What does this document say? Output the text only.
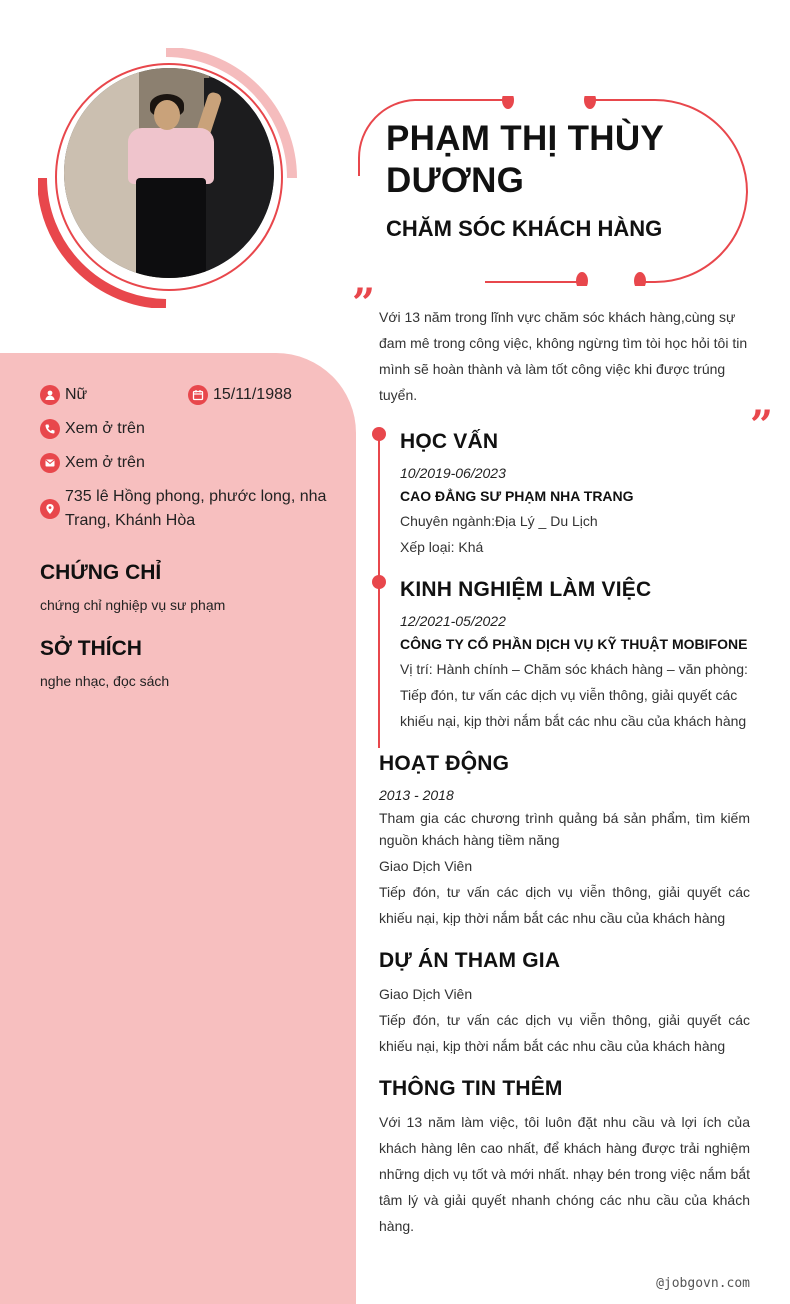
PHẠM THỊ THÙY DƯƠNG
CHĂM SÓC KHÁCH HÀNG
”
”
Với 13 năm trong lĩnh vực chăm sóc khách hàng,cùng sự đam mê trong công việc, không ngừng tìm tòi học hỏi tôi tin mình sẽ hoàn thành và làm tốt công việc khi được trúng tuyển.
Nữ	15/11/1988
Xem ở trên
Xem ở trên
735 lê Hồng phong, phước long, nha Trang, Khánh Hòa
CHỨNG CHỈ
chứng chỉ nghiệp vụ sư phạm
SỞ THÍCH
nghe nhạc, đọc sách
HỌC VẤN
10/2019-06/2023
CAO ĐẲNG SƯ PHẠM NHA TRANG
Chuyên ngành:Địa Lý _ Du Lịch
Xếp loại: Khá
KINH NGHIỆM LÀM VIỆC
12/2021-05/2022
CÔNG TY CỔ PHẦN DỊCH VỤ KỸ THUẬT MOBIFONE
Vị trí: Hành chính – Chăm sóc khách hàng – văn phòng: Tiếp đón, tư vấn các dịch vụ viễn thông, giải quyết các khiếu nại, kịp thời nắm bắt các nhu cầu của khách hàng
HOẠT ĐỘNG
2013 - 2018
Tham gia các chương trình quảng bá sản phẩm, tìm kiếm nguồn khách hàng tiềm năng
Giao Dịch Viên
Tiếp đón, tư vấn các dịch vụ viễn thông, giải quyết các khiếu nại, kịp thời nắm bắt các nhu cầu của khách hàng
DỰ ÁN THAM GIA
Giao Dịch Viên
Tiếp đón, tư vấn các dịch vụ viễn thông, giải quyết các khiếu nại, kịp thời nắm bắt các nhu cầu của khách hàng
THÔNG TIN THÊM
Với 13 năm làm việc, tôi luôn đặt nhu cầu và lợi ích của khách hàng lên cao nhất, để khách hàng được trải nghiệm những dịch vụ tốt và mới nhất. nhạy bén trong việc nắm bắt tâm lý và giải quyết nhanh chóng các nhu cầu của khách hàng.
@jobgovn.com
